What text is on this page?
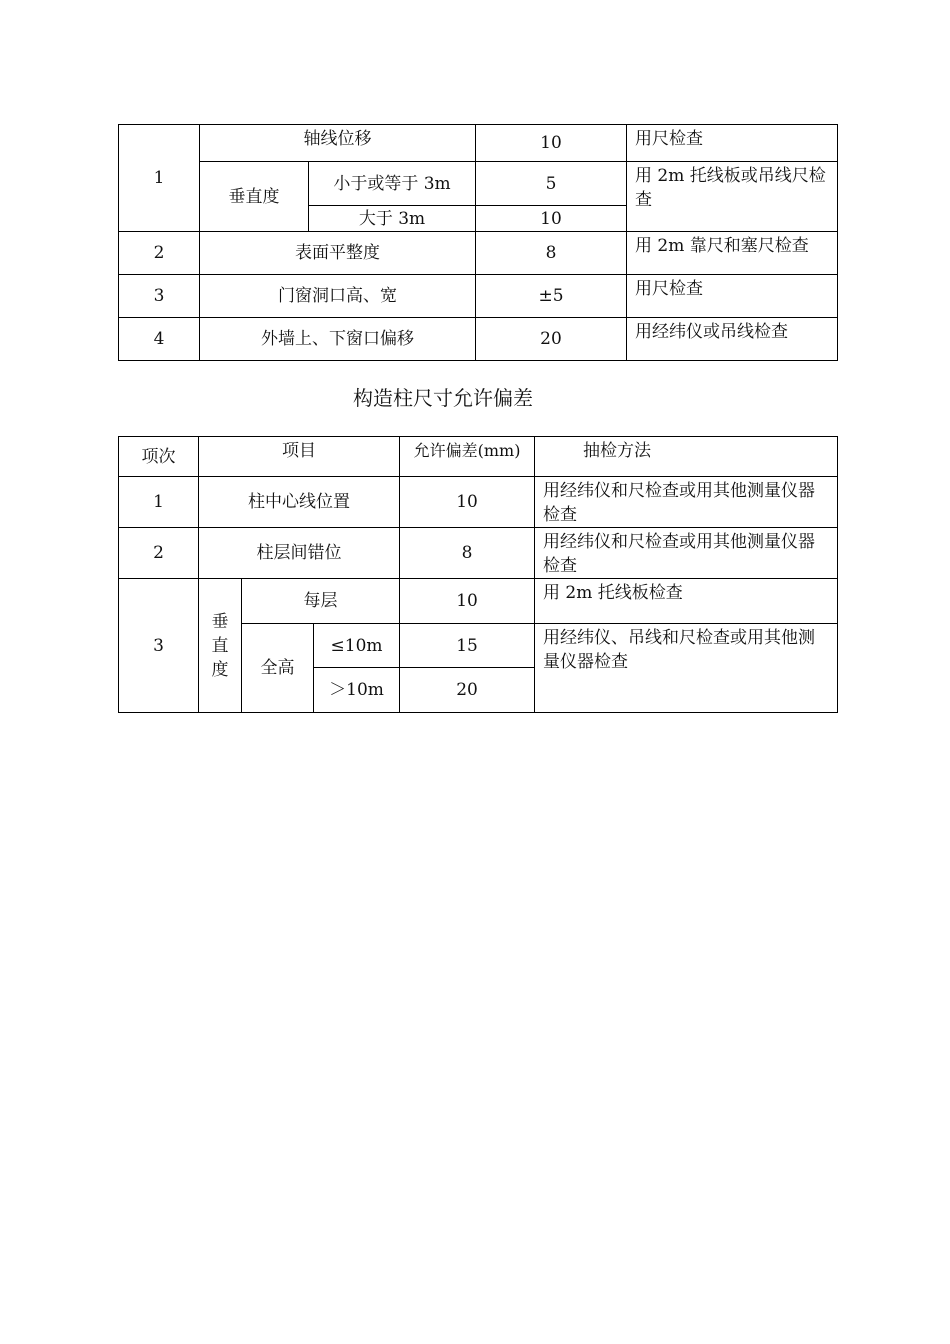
1	轴线位移		10	用尺检查
	垂直度	小于或等于 3m	5	用 2m 托线板或吊线尺检查
		大于 3m	10	
2	表面平整度		8	用 2m 靠尺和塞尺检查
3	门窗洞口高、宽		±5	用尺检查
4	外墙上、下窗口偏移		20	用经纬仪或吊线检查
构造柱尺寸允许偏差
项次	项目			允许偏差(mm)	抽检方法
1	柱中心线位置			10	用经纬仪和尺检查或用其他测量仪器检查
2	柱层间错位			8	用经纬仪和尺检查或用其他测量仪器检查
3	垂直度	每层		10	用 2m 托线板检查
		全高	≤10m	15	用经纬仪、吊线和尺检查或用其他测量仪器检查
			＞10m	20	
